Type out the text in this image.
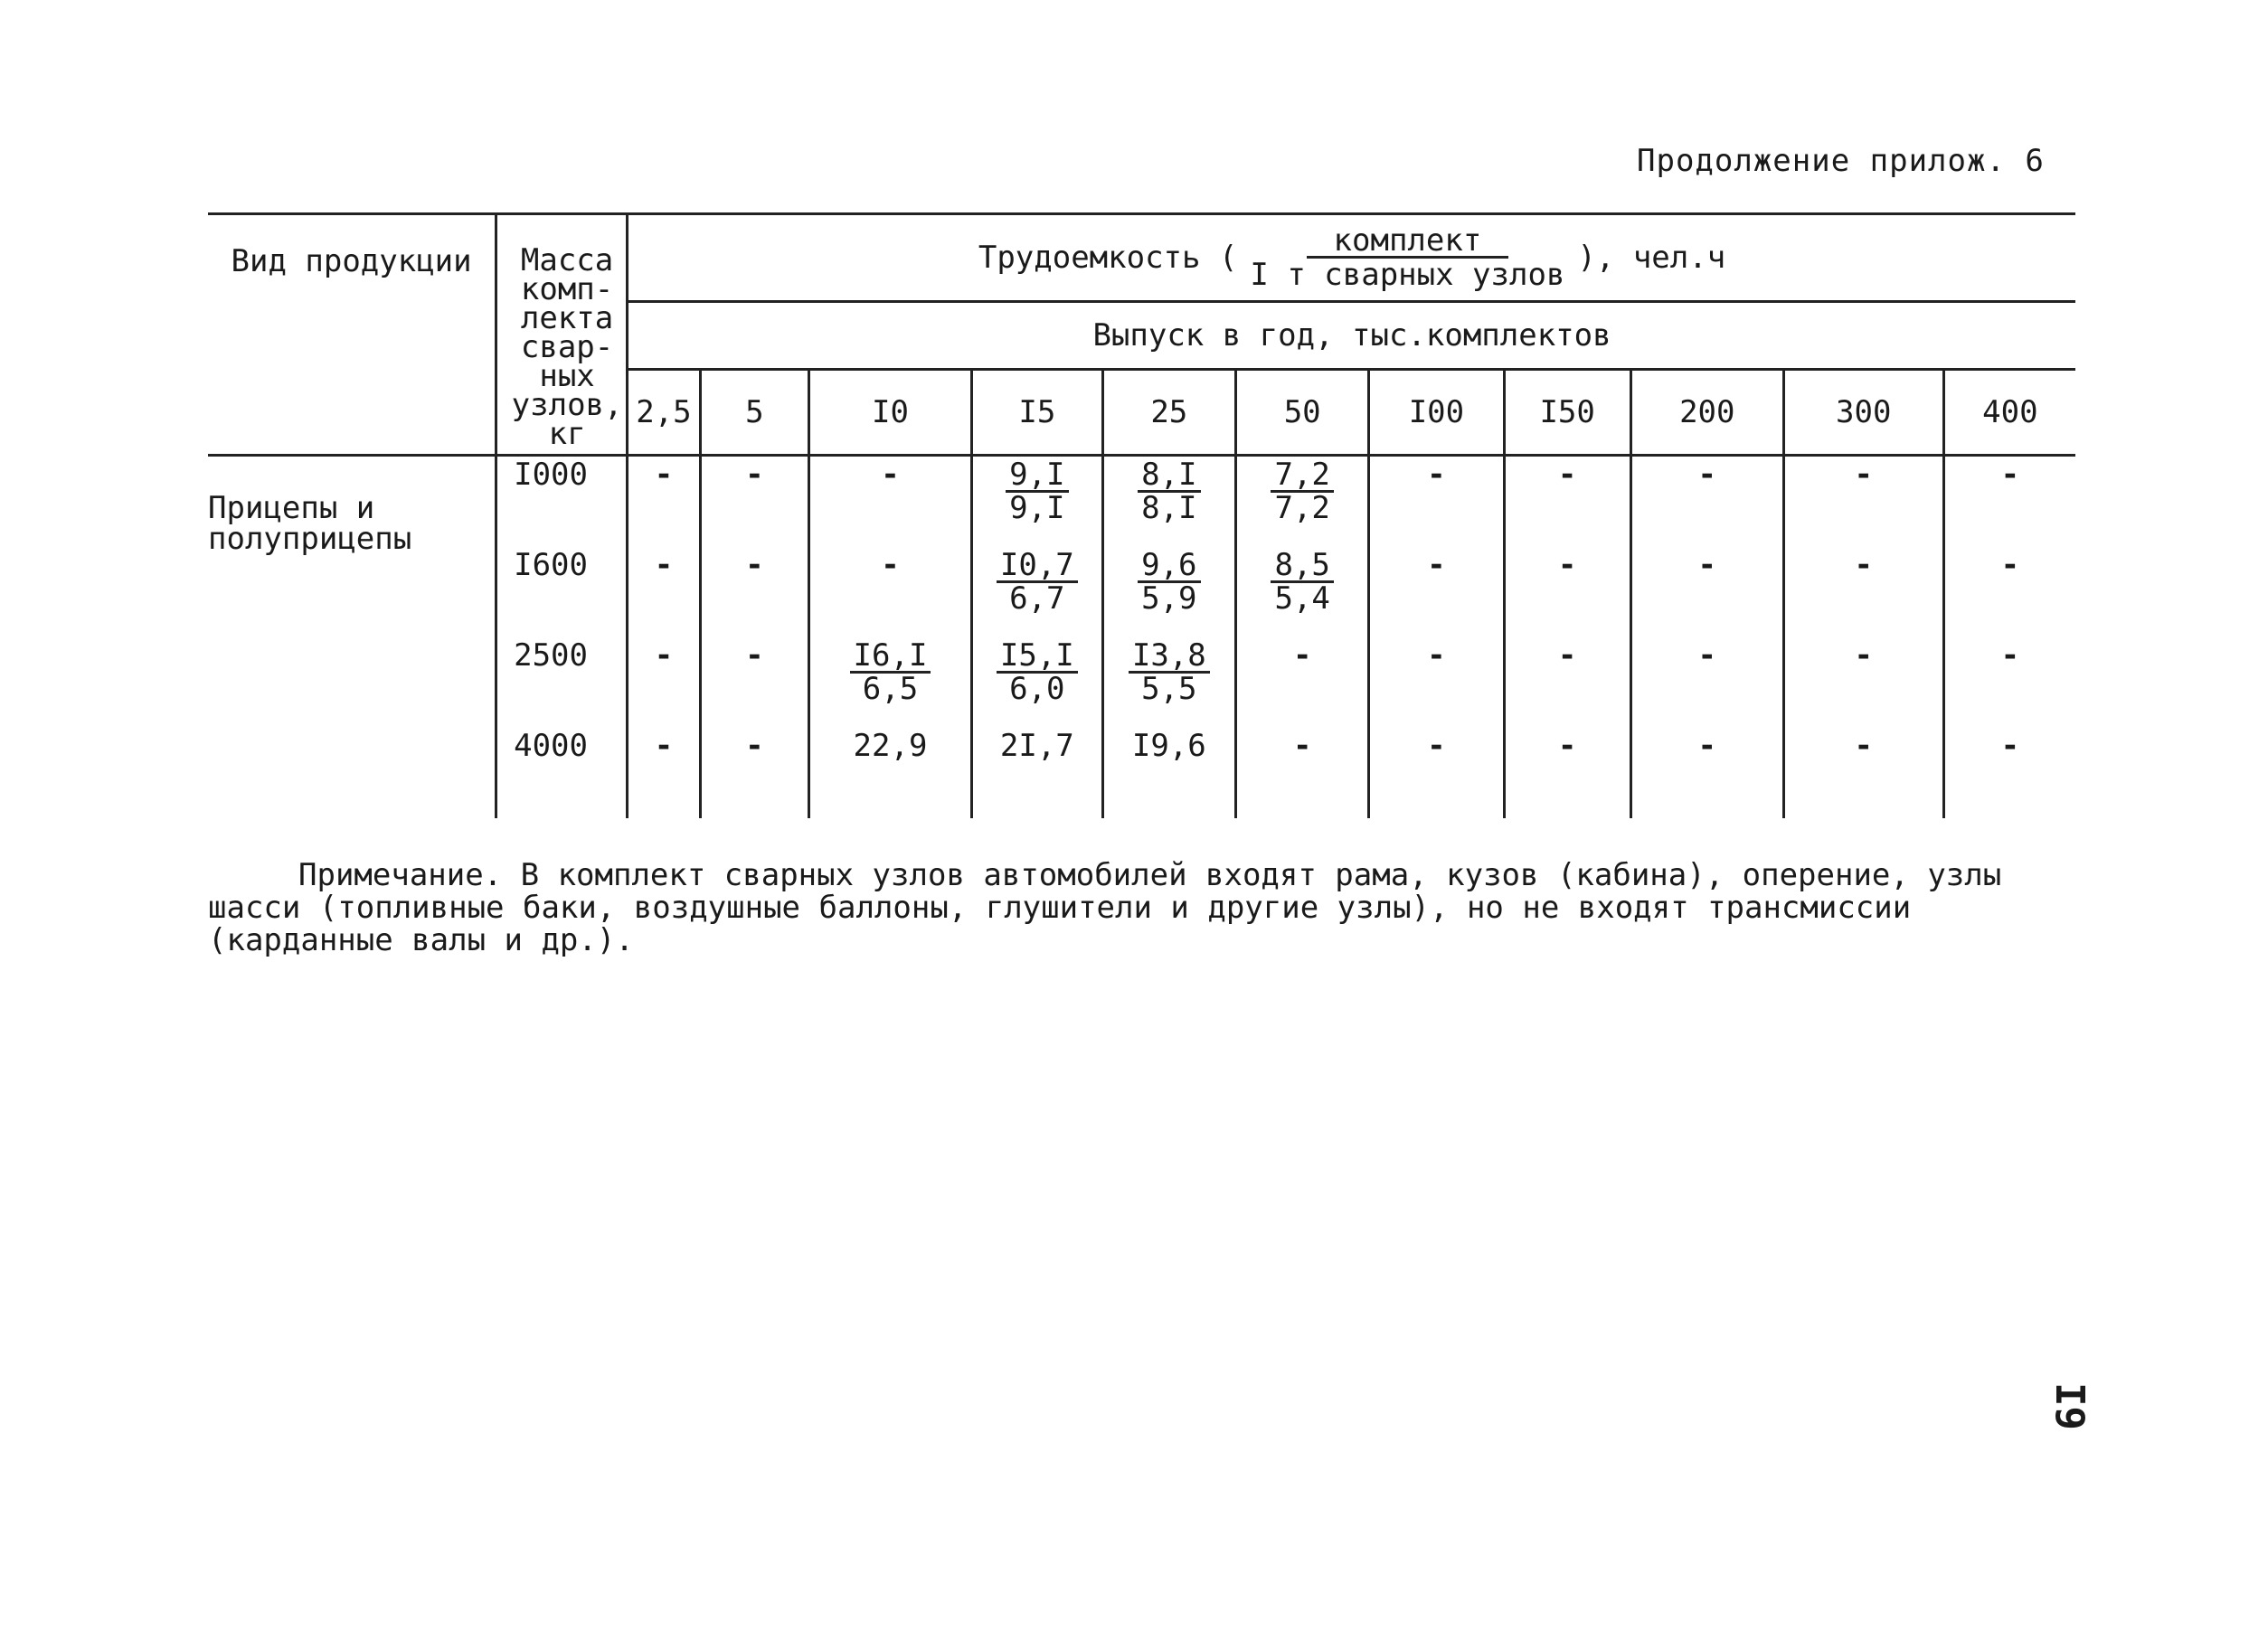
Продолжение прилож. 6
Вид продукции	Масса комп- лекта свар- ных узлов, кг	Трудоемкость ( $\frac{\text{комплект}}{\text{I т сварных узлов}}$ ), чел.ч										

		Выпуск в год, тыс.комплектов										

		2,5	5	I0	I5	25	50	I00	I50	200	300	400
Прицепы и полуприцепы	I000	-	-	-	$\frac{9,I}{9,I}$	$\frac{8,I}{8,I}$	$\frac{7,2}{7,2}$	-	-	-	-	-
	I600	-	-	-	$\frac{I0,7}{6,7}$	$\frac{9,6}{5,9}$	$\frac{8,5}{5,4}$	-	-	-	-	-
	2500	-	-	$\frac{I6,I}{6,5}$	$\frac{I5,I}{6,0}$	$\frac{I3,8}{5,5}$	-	-	-	-	-	-
	4000	-	-	22,9	2I,7	I9,6	-	-	-	-	-	-
Примечание. В комплект сварных узлов автомобилей входят рама, кузов (кабина), оперение, узлы шасси (топливные баки, воздушные баллоны, глушители и другие узлы), но не входят трансмиссии (карданные валы и др.).
I9
